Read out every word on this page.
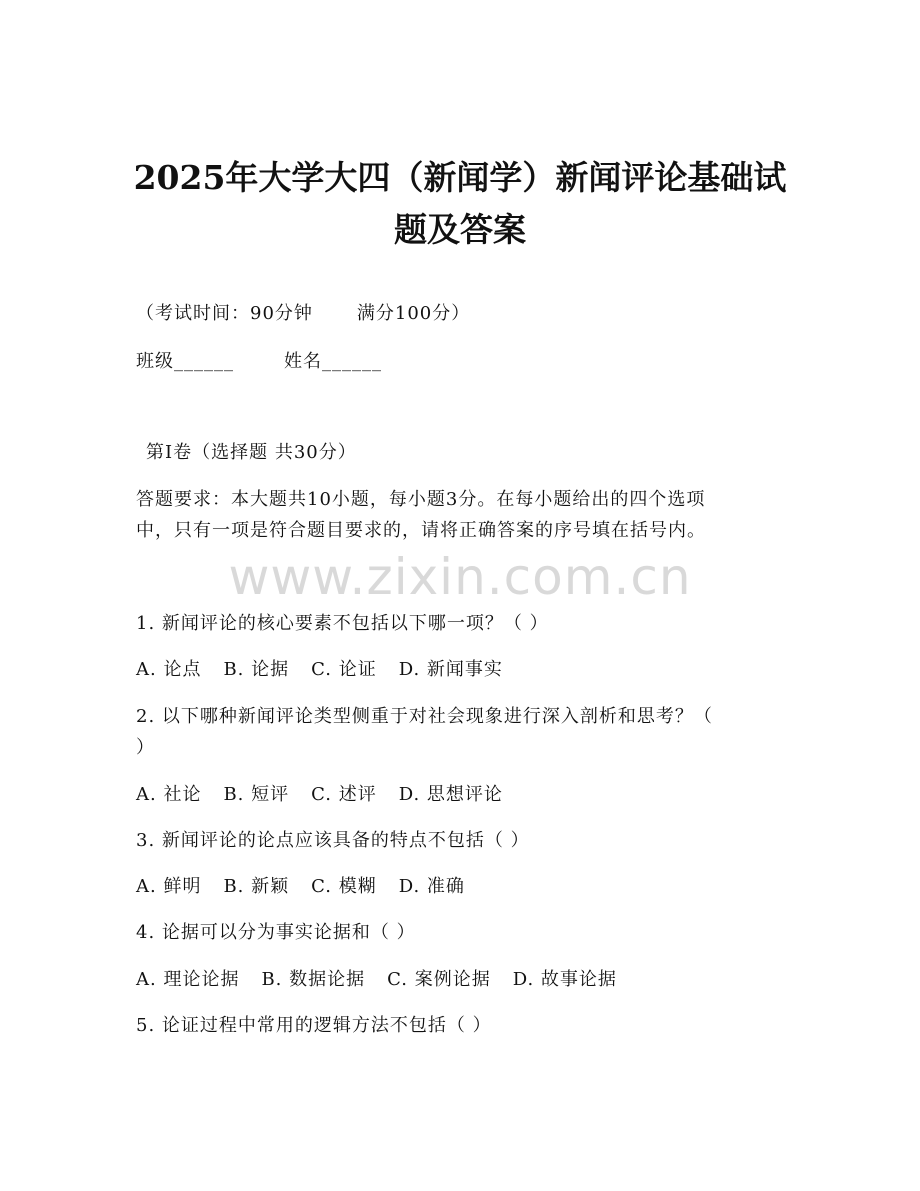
2025年大学大四（新闻学）新闻评论基础试
题及答案
（考试时间：90分钟 满分100分）
班级______	姓名______
第Ⅰ卷（选择题 共30分）
答题要求：本大题共10小题，每小题3分。在每小题给出的四个选项
中，只有一项是符合题目要求的，请将正确答案的序号填在括号内。
www.zixin.com.cn
1. 新闻评论的核心要素不包括以下哪一项？（ ）
A. 论点 B. 论据 C. 论证 D. 新闻事实
2. 以下哪种新闻评论类型侧重于对社会现象进行深入剖析和思考？（
）
A. 社论 B. 短评 C. 述评 D. 思想评论
3. 新闻评论的论点应该具备的特点不包括（ ）
A. 鲜明 B. 新颖 C. 模糊 D. 准确
4. 论据可以分为事实论据和（ ）
A. 理论论据 B. 数据论据 C. 案例论据 D. 故事论据
5. 论证过程中常用的逻辑方法不包括（ ）
